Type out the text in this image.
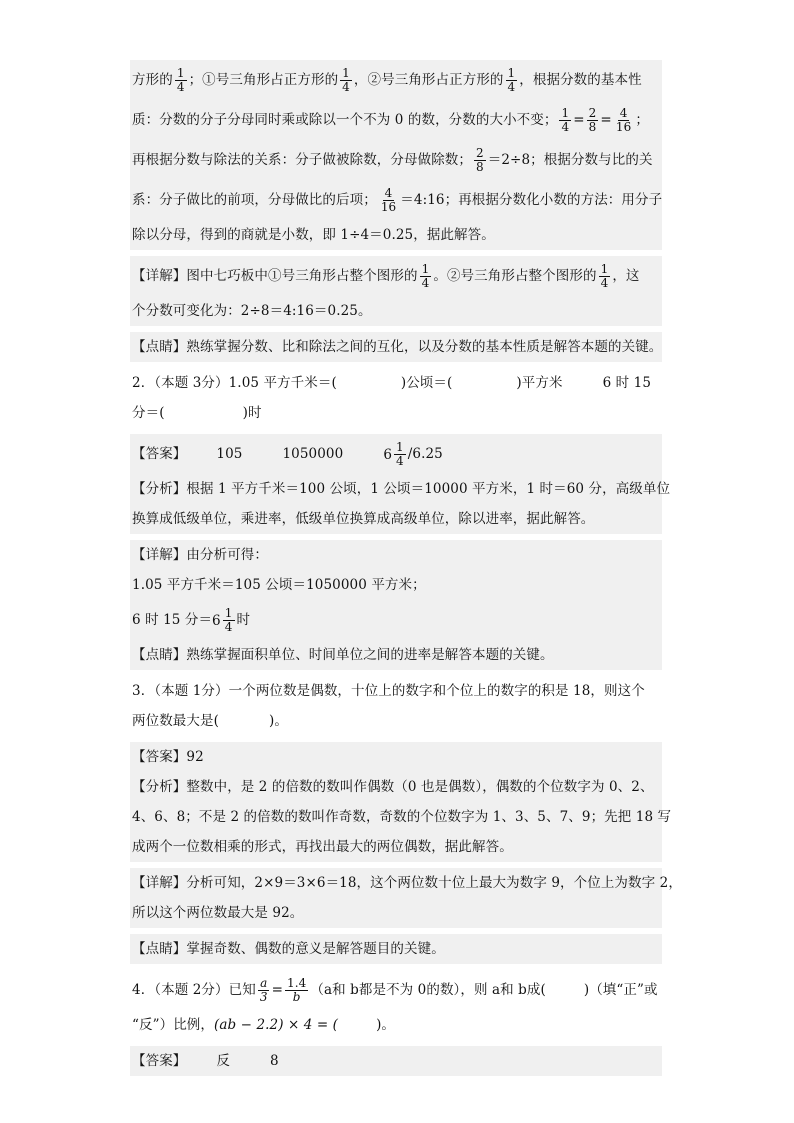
方形的 $\frac{1}{4}$ ；①号三角形占正方形的 $\frac{1}{4}$ ，②号三角形占正方形的 $\frac{1}{4}$ ，根据分数的基本性
质：分数的分子分母同时乘或除以一个不为 0 的数，分数的大小不变； $\frac{1}{4} = \frac{2}{8} = \frac{4}{16}$ ；
再根据分数与除法的关系：分子做被除数，分母做除数； $\frac{2}{8} =2\div 8$；根据分数与比的关
系：分子做比的前项，分母做比的后项； $\frac{4}{16}$ ＝4:16；再根据分数化小数的方法：用分子
除以分母，得到的商就是小数，即 1÷4＝0.25，据此解答。
【详解】图中七巧板中①号三角形占整个图形的 $\frac{1}{4}$ 。②号三角形占整个图形的 $\frac{1}{4}$ ，这
个分数可变化为：2÷8＝4:16＝0.25。
【点睛】熟练掌握分数、比和除法之间的互化，以及分数的基本性质是解答本题的关键。
2．（本题 3分）1.05 平方千米＝(	)公顷＝(	)平方米	6 时 15
分＝(	)时
【答案】 105	1050000	$6 \frac{1}{4} /6.25$
【分析】根据 1 平方千米＝100 公顷，1 公顷＝10000 平方米，1 时＝60 分，高级单位
换算成低级单位，乘进率，低级单位换算成高级单位，除以进率，据此解答。
【详解】由分析可得：
1.05 平方千米＝105 公顷＝1050000 平方米；
6 时 15 分＝ $6 \frac{1}{4}$ 时
【点睛】熟练掌握面积单位、时间单位之间的进率是解答本题的关键。
3．（本题 1分）一个两位数是偶数，十位上的数字和个位上的数字的积是 18，则这个
两位数最大是(	)。
【答案】92
【分析】整数中，是 2 的倍数的数叫作偶数（0 也是偶数），偶数的个位数字为 0、2、
4、6、8；不是 2 的倍数的数叫作奇数，奇数的个位数字为 1、3、5、7、9；先把 18 写
成两个一位数相乘的形式，再找出最大的两位偶数，据此解答。
【详解】分析可知，2×9＝3×6＝18，这个两位数十位上最大为数字 9，个位上为数字 2，
所以这个两位数最大是 92。
【点睛】掌握奇数、偶数的意义是解答题目的关键。
4．（本题 2分）已知 $\frac{a}{3} = \frac{1.4}{b} (a$和 b都是不为 0的数），则 a和 b成(	)（填“正”或
“反”）比例，(ab − 2.2) × 4 = (	)。
【答案】 反	8
